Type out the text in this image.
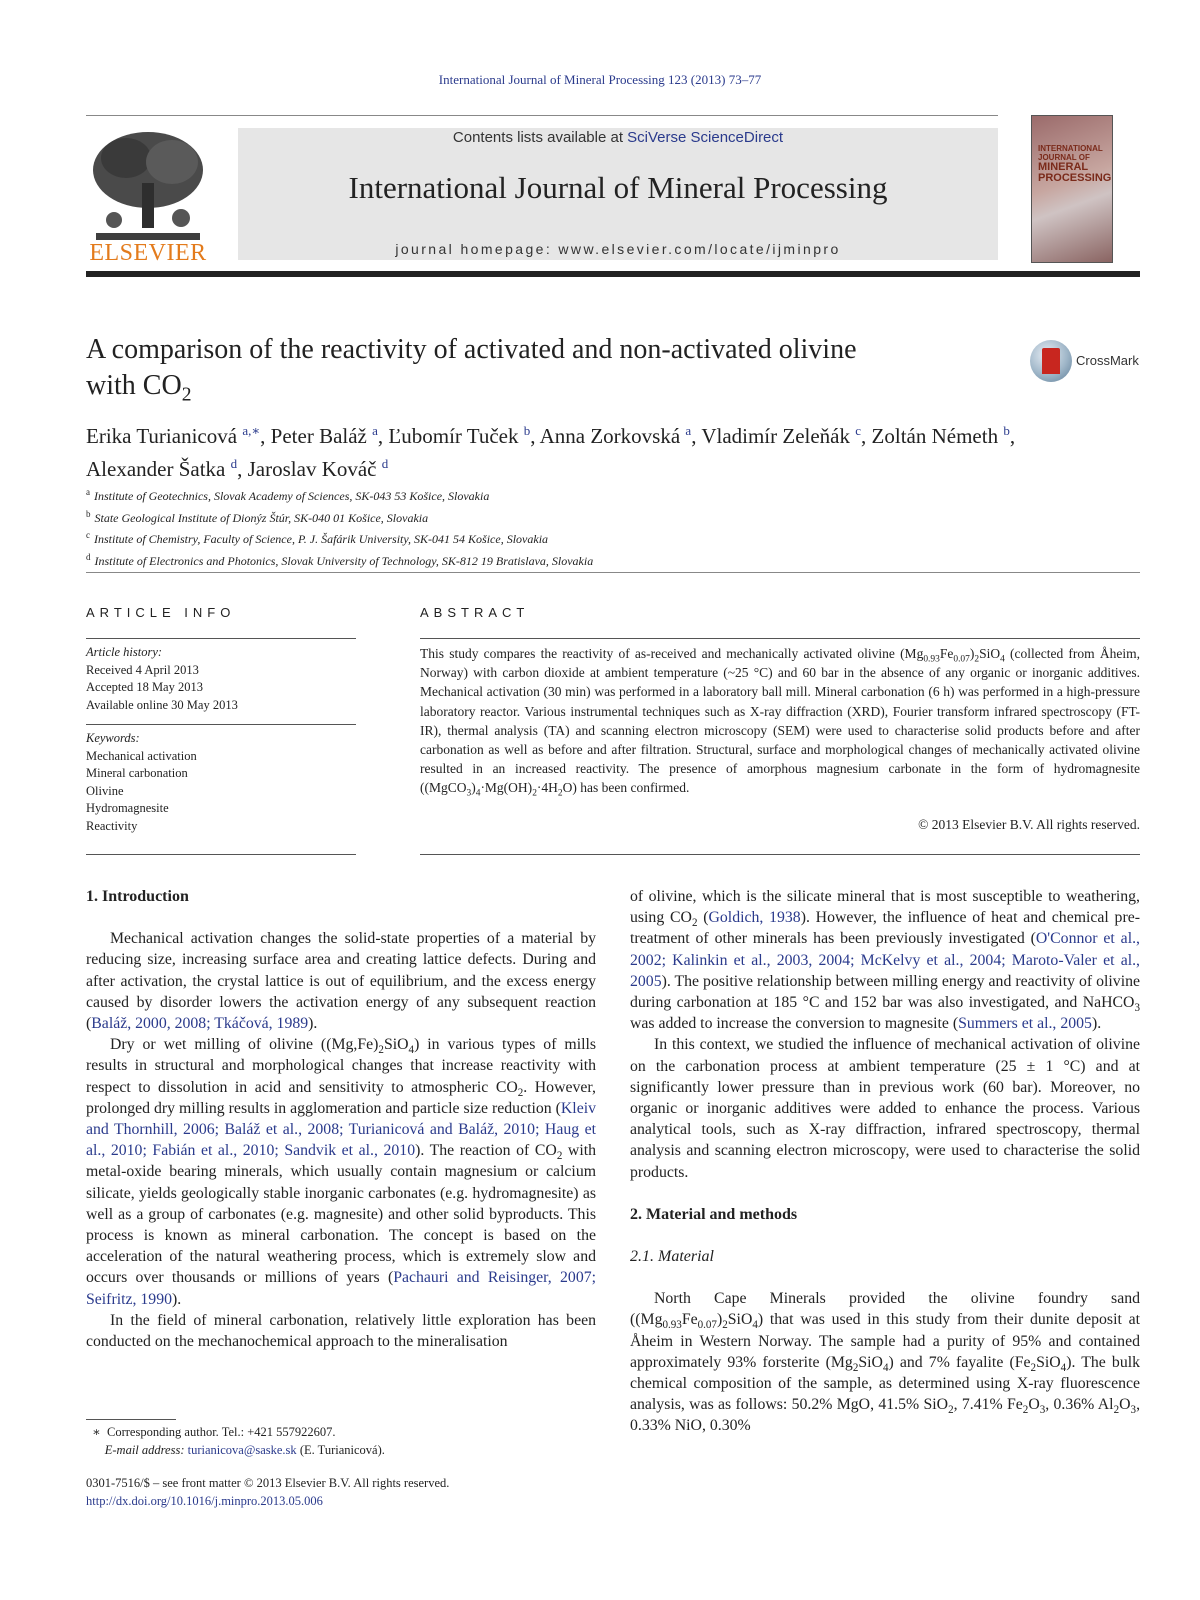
International Journal of Mineral Processing 123 (2013) 73–77
ELSEVIER
Contents lists available at SciVerse ScienceDirect
International Journal of Mineral Processing
journal homepage: www.elsevier.com/locate/ijminpro
INTERNATIONAL JOURNAL OF
MINERAL PROCESSING
A comparison of the reactivity of activated and non-activated olivine
with $CO_2$
CrossMark
Erika Turianicová $^{a,∗}$, Peter Baláž $^a$, Ľubomír Tuček $^b$, Anna Zorkovská $^a$, Vladimír Zeleňák $^c$, Zoltán Németh $^b$,
Alexander Šatka $^d$, Jaroslav Kováč $^d$
$^a$ Institute of Geotechnics, Slovak Academy of Sciences, SK-043 53 Košice, Slovakia
$^b$ State Geological Institute of Dionýz Štúr, SK-040 01 Košice, Slovakia
$^c$ Institute of Chemistry, Faculty of Science, P. J. Šafárik University, SK-041 54 Košice, Slovakia
$^d$ Institute of Electronics and Photonics, Slovak University of Technology, SK-812 19 Bratislava, Slovakia
ARTICLE INFO
Article history:
Received 4 April 2013
Accepted 18 May 2013
Available online 30 May 2013
Keywords:
Mechanical activation
Mineral carbonation
Olivine
Hydromagnesite
Reactivity
ABSTRACT
This study compares the reactivity of as-received and mechanically activated olivine $(Mg_{0.93}Fe_{0.07})_2SiO_4$ (collected from Åheim, Norway) with carbon dioxide at ambient temperature (~25 °C) and 60 bar in the absence of any organic or inorganic additives. Mechanical activation (30 min) was performed in a laboratory ball mill. Mineral carbonation (6 h) was performed in a high-pressure laboratory reactor. Various instrumental techniques such as X-ray diffraction (XRD), Fourier transform infrared spectroscopy (FT-IR), thermal analysis (TA) and scanning electron microscopy (SEM) were used to characterise solid products before and after carbonation as well as before and after filtration. Structural, surface and morphological changes of mechanically activated olivine resulted in an increased reactivity. The presence of amorphous magnesium carbonate in the form of hydromagnesite $((MgCO_3)_4\cdot Mg(OH)_2\cdot 4H_2O)$ has been confirmed.
© 2013 Elsevier B.V. All rights reserved.

1. Introduction

Mechanical activation changes the solid-state properties of a material by reducing size, increasing surface area and creating lattice defects. During and after activation, the crystal lattice is out of equilibrium, and the excess energy caused by disorder lowers the activation energy of any subsequent reaction (Baláž, 2000, 2008; Tkáčová, 1989).

Dry or wet milling of olivine $((Mg,Fe)_2SiO_4)$ in various types of mills results in structural and morphological changes that increase reactivity with respect to dissolution in acid and sensitivity to atmospheric $CO_2$. However, prolonged dry milling results in agglomeration and particle size reduction (Kleiv and Thornhill, 2006; Baláž et al., 2008; Turianicová and Baláž, 2010; Haug et al., 2010; Fabián et al., 2010; Sandvik et al., 2010). The reaction of $CO_2$ with metal-oxide bearing minerals, which usually contain magnesium or calcium silicate, yields geologically stable inorganic carbonates (e.g. hydromagnesite) as well as a group of carbonates (e.g. magnesite) and other solid byproducts. This process is known as mineral carbonation. The concept is based on the acceleration of the natural weathering process, which is extremely slow and occurs over thousands or millions of years (Pachauri and Reisinger, 2007; Seifritz, 1990).

In the field of mineral carbonation, relatively little exploration has been conducted on the mechanochemical approach to the mineralisation

of olivine, which is the silicate mineral that is most susceptible to weathering, using $CO_2$ (Goldich, 1938). However, the influence of heat and chemical pre-treatment of other minerals has been previously investigated (O'Connor et al., 2002; Kalinkin et al., 2003, 2004; McKelvy et al., 2004; Maroto-Valer et al., 2005). The positive relationship between milling energy and reactivity of olivine during carbonation at 185 °C and 152 bar was also investigated, and NaHCO$_3$ was added to increase the conversion to magnesite (Summers et al., 2005).

In this context, we studied the influence of mechanical activation of olivine on the carbonation process at ambient temperature (25 ± 1 °C) and at significantly lower pressure than in previous work (60 bar). Moreover, no organic or inorganic additives were added to enhance the process. Various analytical tools, such as X-ray diffraction, infrared spectroscopy, thermal analysis and scanning electron microscopy, were used to characterise the solid products.

2. Material and methods

2.1. Material

North Cape Minerals provided the olivine foundry sand $((Mg_{0.93}Fe_{0.07})_2SiO_4)$ that was used in this study from their dunite deposit at Åheim in Western Norway. The sample had a purity of 95% and contained approximately 93% forsterite $(Mg_2SiO_4)$ and 7% fayalite $(Fe_2SiO_4)$. The bulk chemical composition of the sample, as determined using X-ray fluorescence analysis, was as follows: 50.2% MgO, 41.5% SiO$_2$, 7.41% $Fe_2O_3$, 0.36% $Al_2O_3$, 0.33% NiO, 0.30%

∗ Corresponding author. Tel.: +421 557922607.
E-mail address: turianicova@saske.sk (E. Turianicová).
0301-7516/$ – see front matter © 2013 Elsevier B.V. All rights reserved.
http://dx.doi.org/10.1016/j.minpro.2013.05.006
